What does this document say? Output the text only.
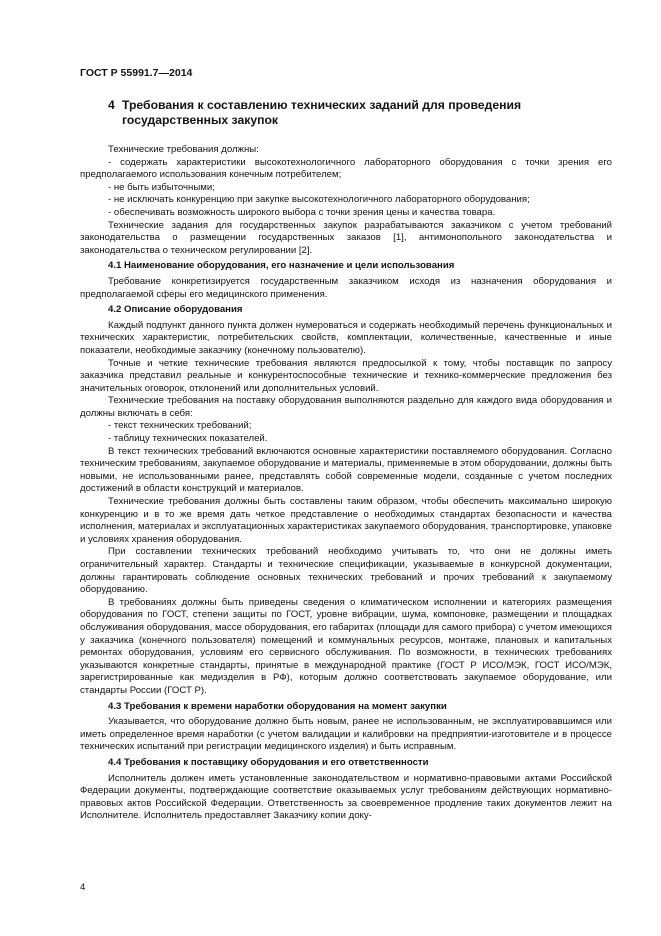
ГОСТ Р 55991.7—2014
4 Требования к составлению технических заданий для проведения
государственных закупок

Технические требования должны:

- содержать характеристики высокотехнологичного лабораторного оборудования с точки зрения его предполагаемого использования конечным потребителем;

- не быть избыточными;

- не исключать конкуренцию при закупке высокотехнологичного лабораторного оборудования;

- обеспечивать возможность широкого выбора с точки зрения цены и качества товара.

Технические задания для государственных закупок разрабатываются заказчиком с учетом требований законодательства о размещении государственных заказов [1], антимонопольного законодательства и законодательства о техническом регулировании [2].

4.1 Наименование оборудования, его назначение и цели использования

Требование конкретизируется государственным заказчиком исходя из назначения оборудования и предполагаемой сферы его медицинского применения.

4.2 Описание оборудования

Каждый подпункт данного пункта должен нумероваться и содержать необходимый перечень функциональных и технических характеристик, потребительских свойств, комплектации, количественные, качественные и иные показатели, необходимые заказчику (конечному пользователю).

Точные и четкие технические требования являются предпосылкой к тому, чтобы поставщик по запросу заказчика представил реальные и конкурентоспособные технические и технико-коммерческие предложения без значительных оговорок, отклонений или дополнительных условий.

Технические требования на поставку оборудования выполняются раздельно для каждого вида оборудования и должны включать в себя:

- текст технических требований;

- таблицу технических показателей.

В текст технических требований включаются основные характеристики поставляемого оборудования. Согласно техническим требованиям, закупаемое оборудование и материалы, применяемые в этом оборудовании, должны быть новыми, не использованными ранее, представлять собой современные модели, созданные с учетом последних достижений в области конструкций и материалов.

Технические требования должны быть составлены таким образом, чтобы обеспечить максимально широкую конкуренцию и в то же время дать четкое представление о необходимых стандартах безопасности и качества исполнения, материалах и эксплуатационных характеристиках закупаемого оборудования, транспортировке, упаковке и условиях хранения оборудования.

При составлении технических требований необходимо учитывать то, что они не должны иметь ограничительный характер. Стандарты и технические спецификации, указываемые в конкурсной документации, должны гарантировать соблюдение основных технических требований и прочих требований к закупаемому оборудованию.

В требованиях должны быть приведены сведения о климатическом исполнении и категориях размещения оборудования по ГОСТ, степени защиты по ГОСТ, уровне вибрации, шума, компоновке, размещении и площадках обслуживания оборудования, массе оборудования, его габаритах (площади для самого прибора) с учетом имеющихся у заказчика (конечного пользователя) помещений и коммунальных ресурсов, монтаже, плановых и капитальных ремонтах оборудования, условиям его сервисного обслуживания. По возможности, в технических требованиях указываются конкретные стандарты, принятые в международной практике (ГОСТ Р ИСО/МЭК, ГОСТ ИСО/МЭК, зарегистрированные как медизделия в РФ), которым должно соответствовать закупаемое оборудование, или стандарты России (ГОСТ Р).

4.3 Требования к времени наработки оборудования на момент закупки

Указывается, что оборудование должно быть новым, ранее не использованным, не эксплуатировавшимся или иметь определенное время наработки (с учетом валидации и калибровки на предприятии-изготовителе и в процессе технических испытаний при регистрации медицинского изделия) и быть исправным.

4.4 Требования к поставщику оборудования и его ответственности

Исполнитель должен иметь установленные законодательством и нормативно-правовыми актами Российской Федерации документы, подтверждающие соответствие оказываемых услуг требованиям действующих нормативно-правовых актов Российской Федерации. Ответственность за своевременное продление таких документов лежит на Исполнителе. Исполнитель предоставляет Заказчику копии доку-

4
